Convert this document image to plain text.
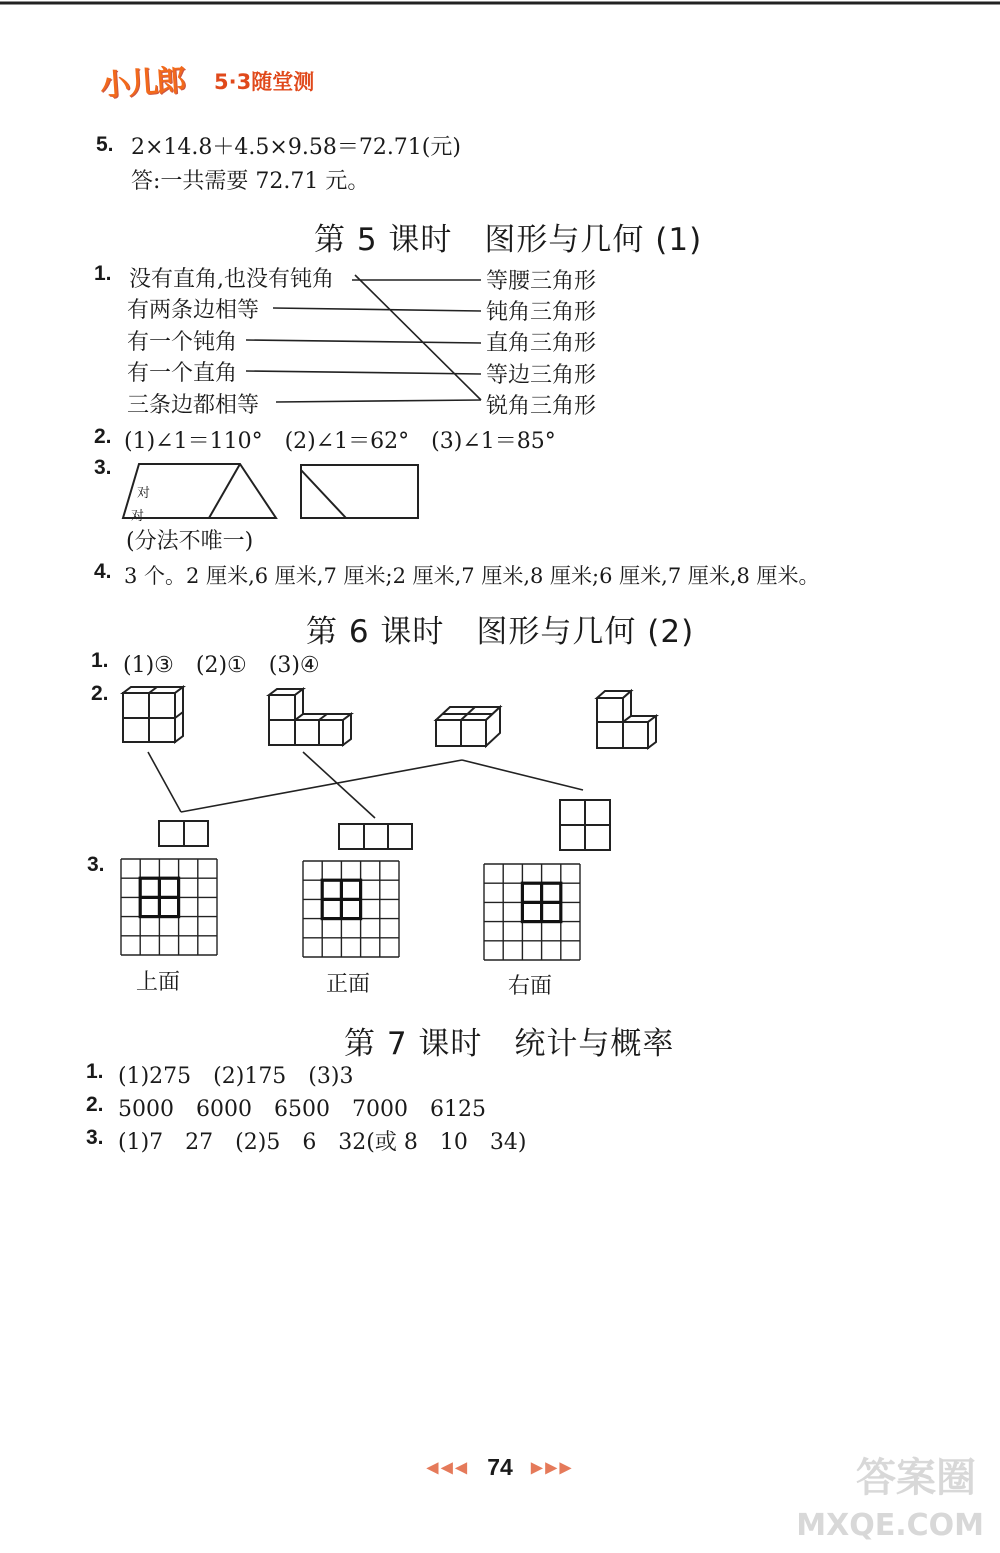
小儿郎 5·3随堂测
5. 2×14.8＋4.5×9.58＝72.71(元)
答:一共需要 72.71 元。
第 5 课时　图形与几何 (1)
1. 没有直角,也没有钝角
有两条边相等
有一个钝角
有一个直角
三条边都相等
等腰三角形
钝角三角形
直角三角形
等边三角形
锐角三角形
2. (1)∠1＝110°　(2)∠1＝62°　(3)∠1＝85°
3.
对
对
(分法不唯一)
4. 3 个。2 厘米,6 厘米,7 厘米;2 厘米,7 厘米,8 厘米;6 厘米,7 厘米,8 厘米。
第 6 课时　图形与几何 (2)
1. (1)③　(2)①　(3)④
2.
3.
上面	正面	右面
第 7 课时　统计与概率
1. (1)275　(2)175　(3)3
2. 5000　6000　6500　7000　6125
3. (1)7　27　(2)5　6　32(或 8　10　34)
◀◀◀ 74 ▶▶▶	答案圈
MXQE.COM
